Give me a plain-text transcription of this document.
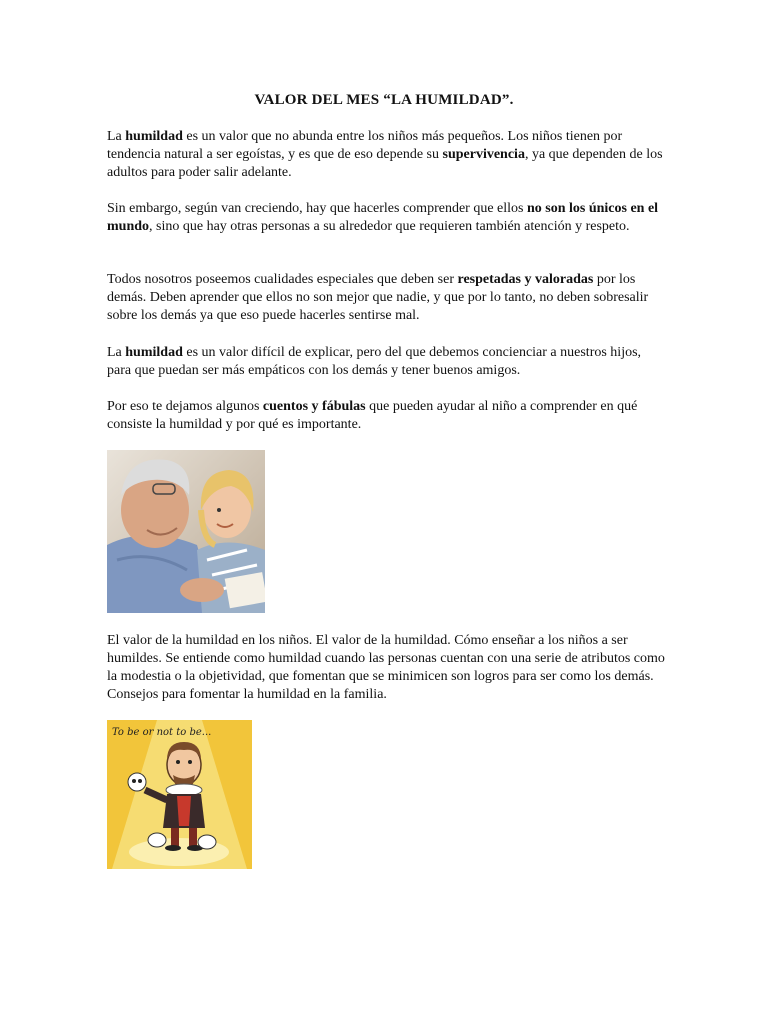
VALOR DEL MES “LA HUMILDAD”.

La humildad es un valor que no abunda entre los niños más pequeños. Los niños tienen por tendencia natural a ser egoístas, y es que de eso depende su supervivencia, ya que dependen de los adultos para poder salir adelante.

Sin embargo, según van creciendo, hay que hacerles comprender que ellos no son los únicos en el mundo, sino que hay otras personas a su alrededor que requieren también atención y respeto.

Todos nosotros poseemos cualidades especiales que deben ser respetadas y valoradas por los demás. Deben aprender que ellos no son mejor que nadie, y que por lo tanto, no deben sobresalir sobre los demás ya que eso puede hacerles sentirse mal.

La humildad es un valor difícil de explicar, pero del que debemos concienciar a nuestros hijos, para que puedan ser más empáticos con los demás y tener buenos amigos.

Por eso te dejamos algunos cuentos y fábulas que pueden ayudar al niño a comprender en qué consiste la humildad y por qué es importante.

El valor de la humildad en los niños. El valor de la humildad. Cómo enseñar a los niños a ser humildes. Se entiende como humildad cuando las personas cuentan con una serie de atributos como la modestia o la objetividad, que fomentan que se minimicen son logros para ser como los demás. Consejos para fomentar la humildad en la familia.

To be or not to be...
